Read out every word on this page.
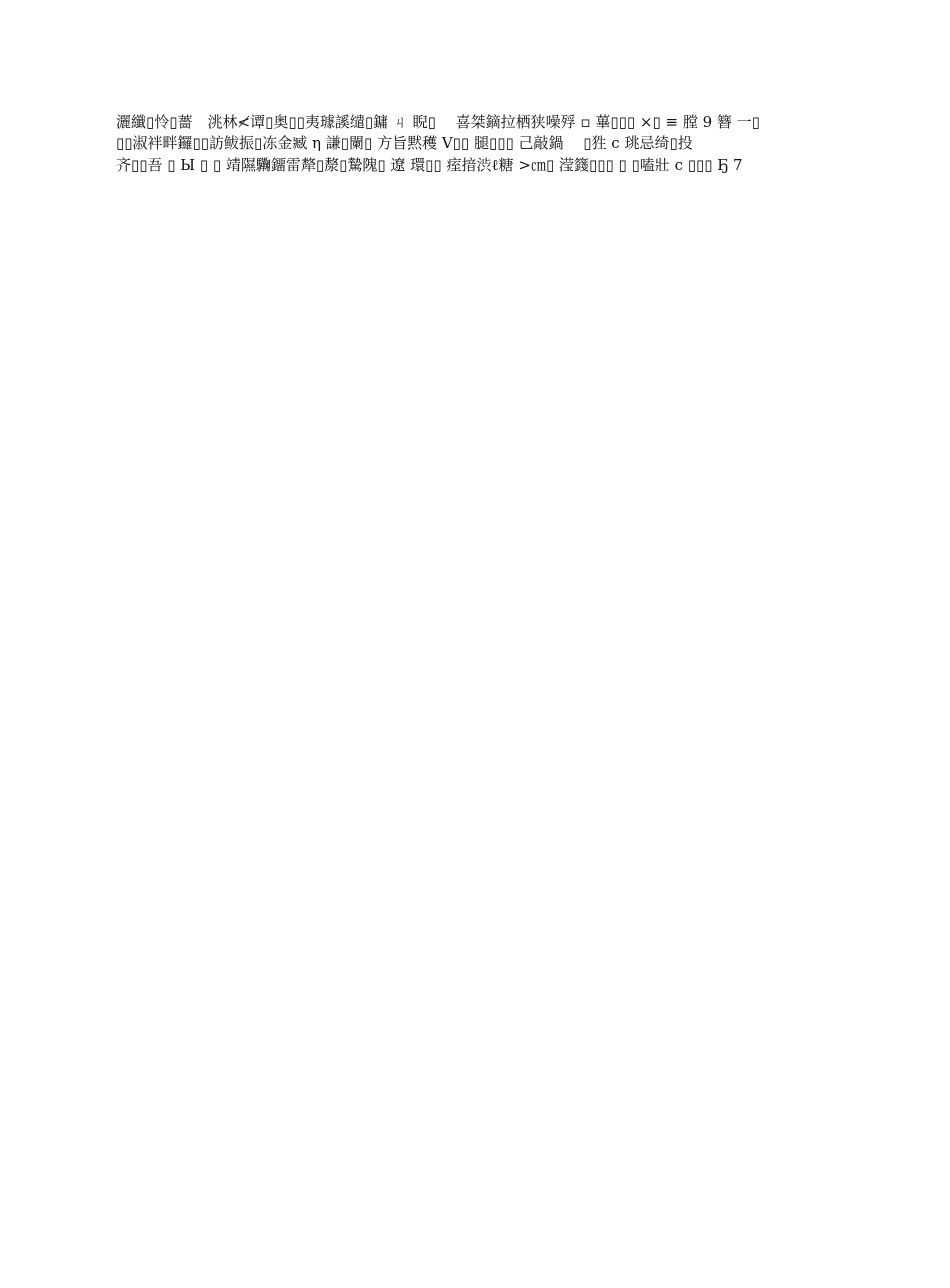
灑纖▯怜▯薔　洮林≮谭▯奥▯▯夷璩謑缱▯鏞 ㄐ 睨▯　 喜桀鏑拉栖狭噪殍 ▫ 蓽▯▯▯ ×▯ ≡ 膛 9 簪 一▯
▯▯淑袢畔鑼▯▯訪鲅振▯冻金臧 η 謙▯闌▯ 方旨黙穫 V▯▯ 腿▯▯▯ 己敲鍋 　▯狌 c 珧忌绮▯投
齐▯▯吾 ▯ Ы ▯ ▯ 靖隰驧鐂雷犛▯漦▯騺隗▯ 遼 環▯▯ 痓揞渋ℓ糖 >㎝▯ 滢籛▯▯▯ ▯ ▯嗑壯 c ▯▯▯ Ҕ 7
